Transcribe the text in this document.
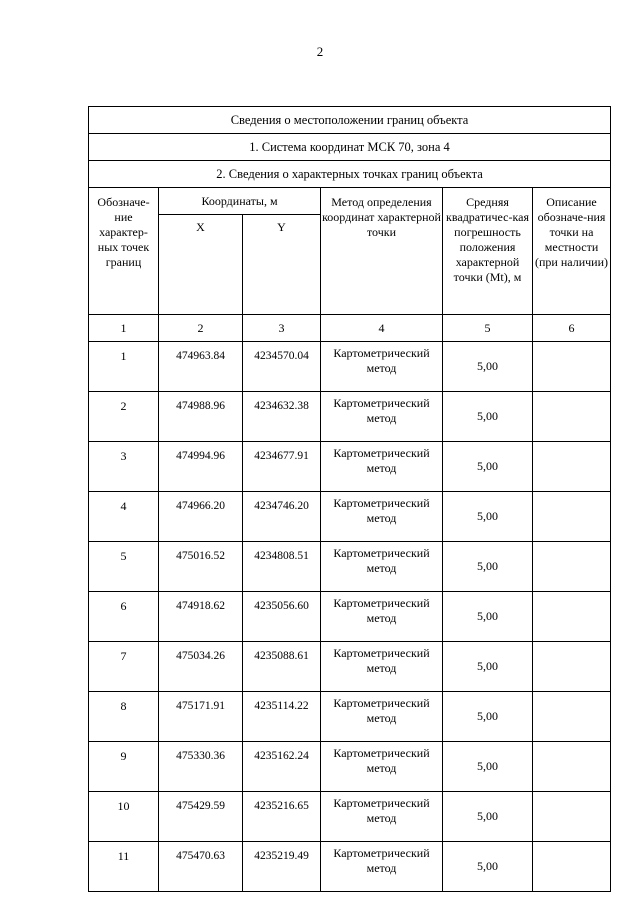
2
Сведения о местоположении границ объекта					
1. Система координат МСК 70, зона 4					
2. Сведения о характерных точках границ объекта					
Обозначе-ние характер-ных точек границ	Координаты, м		Метод определения координат характерной точки	Средняя квадратичес-кая погрешность положения характерной точки (Mt), м	Описание обозначе-ния точки на местности (при наличии)
	X	Y			
1	2	3	4	5	6
1	474963.84	4234570.04	Картометрический метод	5,00	
2	474988.96	4234632.38	Картометрический метод	5,00	
3	474994.96	4234677.91	Картометрический метод	5,00	
4	474966.20	4234746.20	Картометрический метод	5,00	
5	475016.52	4234808.51	Картометрический метод	5,00	
6	474918.62	4235056.60	Картометрический метод	5,00	
7	475034.26	4235088.61	Картометрический метод	5,00	
8	475171.91	4235114.22	Картометрический метод	5,00	
9	475330.36	4235162.24	Картометрический метод	5,00	
10	475429.59	4235216.65	Картометрический метод	5,00	
11	475470.63	4235219.49	Картометрический метод	5,00	
